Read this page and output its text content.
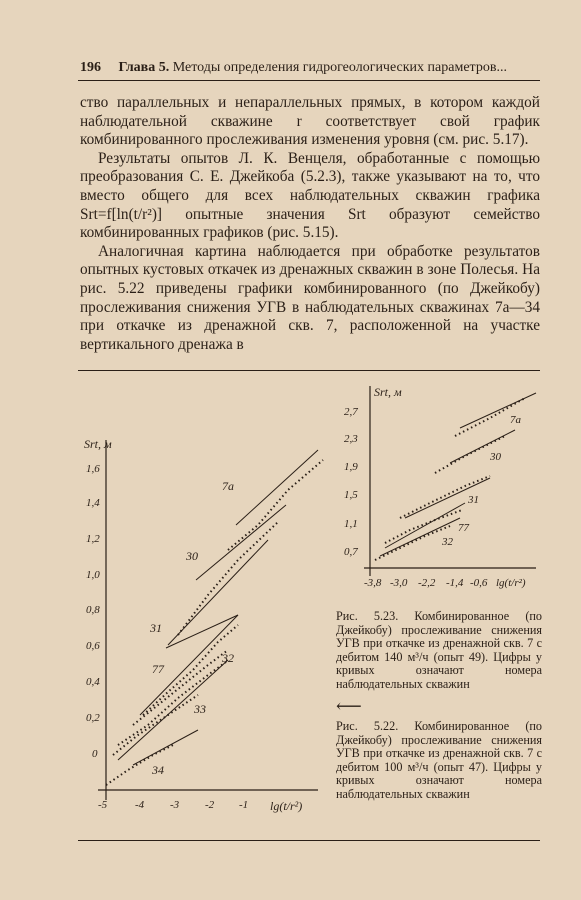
196 Глава 5. Методы определения гидрогеологических параметров...

ство параллельных и непараллельных прямых, в котором каждой наблюдательной скважине r соответствует свой график комбинированного прослеживания изменения уровня (см. рис. 5.17).

Результаты опытов Л. К. Венцеля, обработанные с помощью преобразования С. Е. Джейкоба (5.2.3), также указывают на то, что вместо общего для всех наблюдательных скважин графика Srt=f[ln(t/r²)] опытные значения Srt образуют семейство комбинированных графиков (рис. 5.15).

Аналогичная картина наблюдается при обработке результатов опытных кустовых откачек из дренажных скважин в зоне Полесья. На рис. 5.22 приведены графики комбинированного (по Джейкобу) прослеживания снижения УГВ в наблюдательных скважинах 7а—34 при откачке из дренажной скв. 7, расположенной на участке вертикального дренажа в

Srt, м
0
0,2
0,4
0,6
0,8
1,0
1,2
1,4
1,6
-5	-4 -3 -2 -1 lg(t/r²)
7а
30
31
77
32
33
34
Srt, м
0,7
1,1
1,5
1,9
2,3
2,7
-3,8 -3,0 -2,2 -1,4 -0,6 lg(t/r²)
7а
30
31
77
32
Рис. 5.23. Комбинированное (по Джейкобу) прослеживание снижения УГВ при откачке из дренажной скв. 7 с дебитом 140 м³/ч (опыт 49). Цифры у кривых означают номера наблюдательных скважин
⟵
Рис. 5.22. Комбинированное (по Джейкобу) прослеживание снижения УГВ при откачке из дренажной скв. 7 с дебитом 100 м³/ч (опыт 47). Цифры у кривых означают номера наблюдательных скважин
